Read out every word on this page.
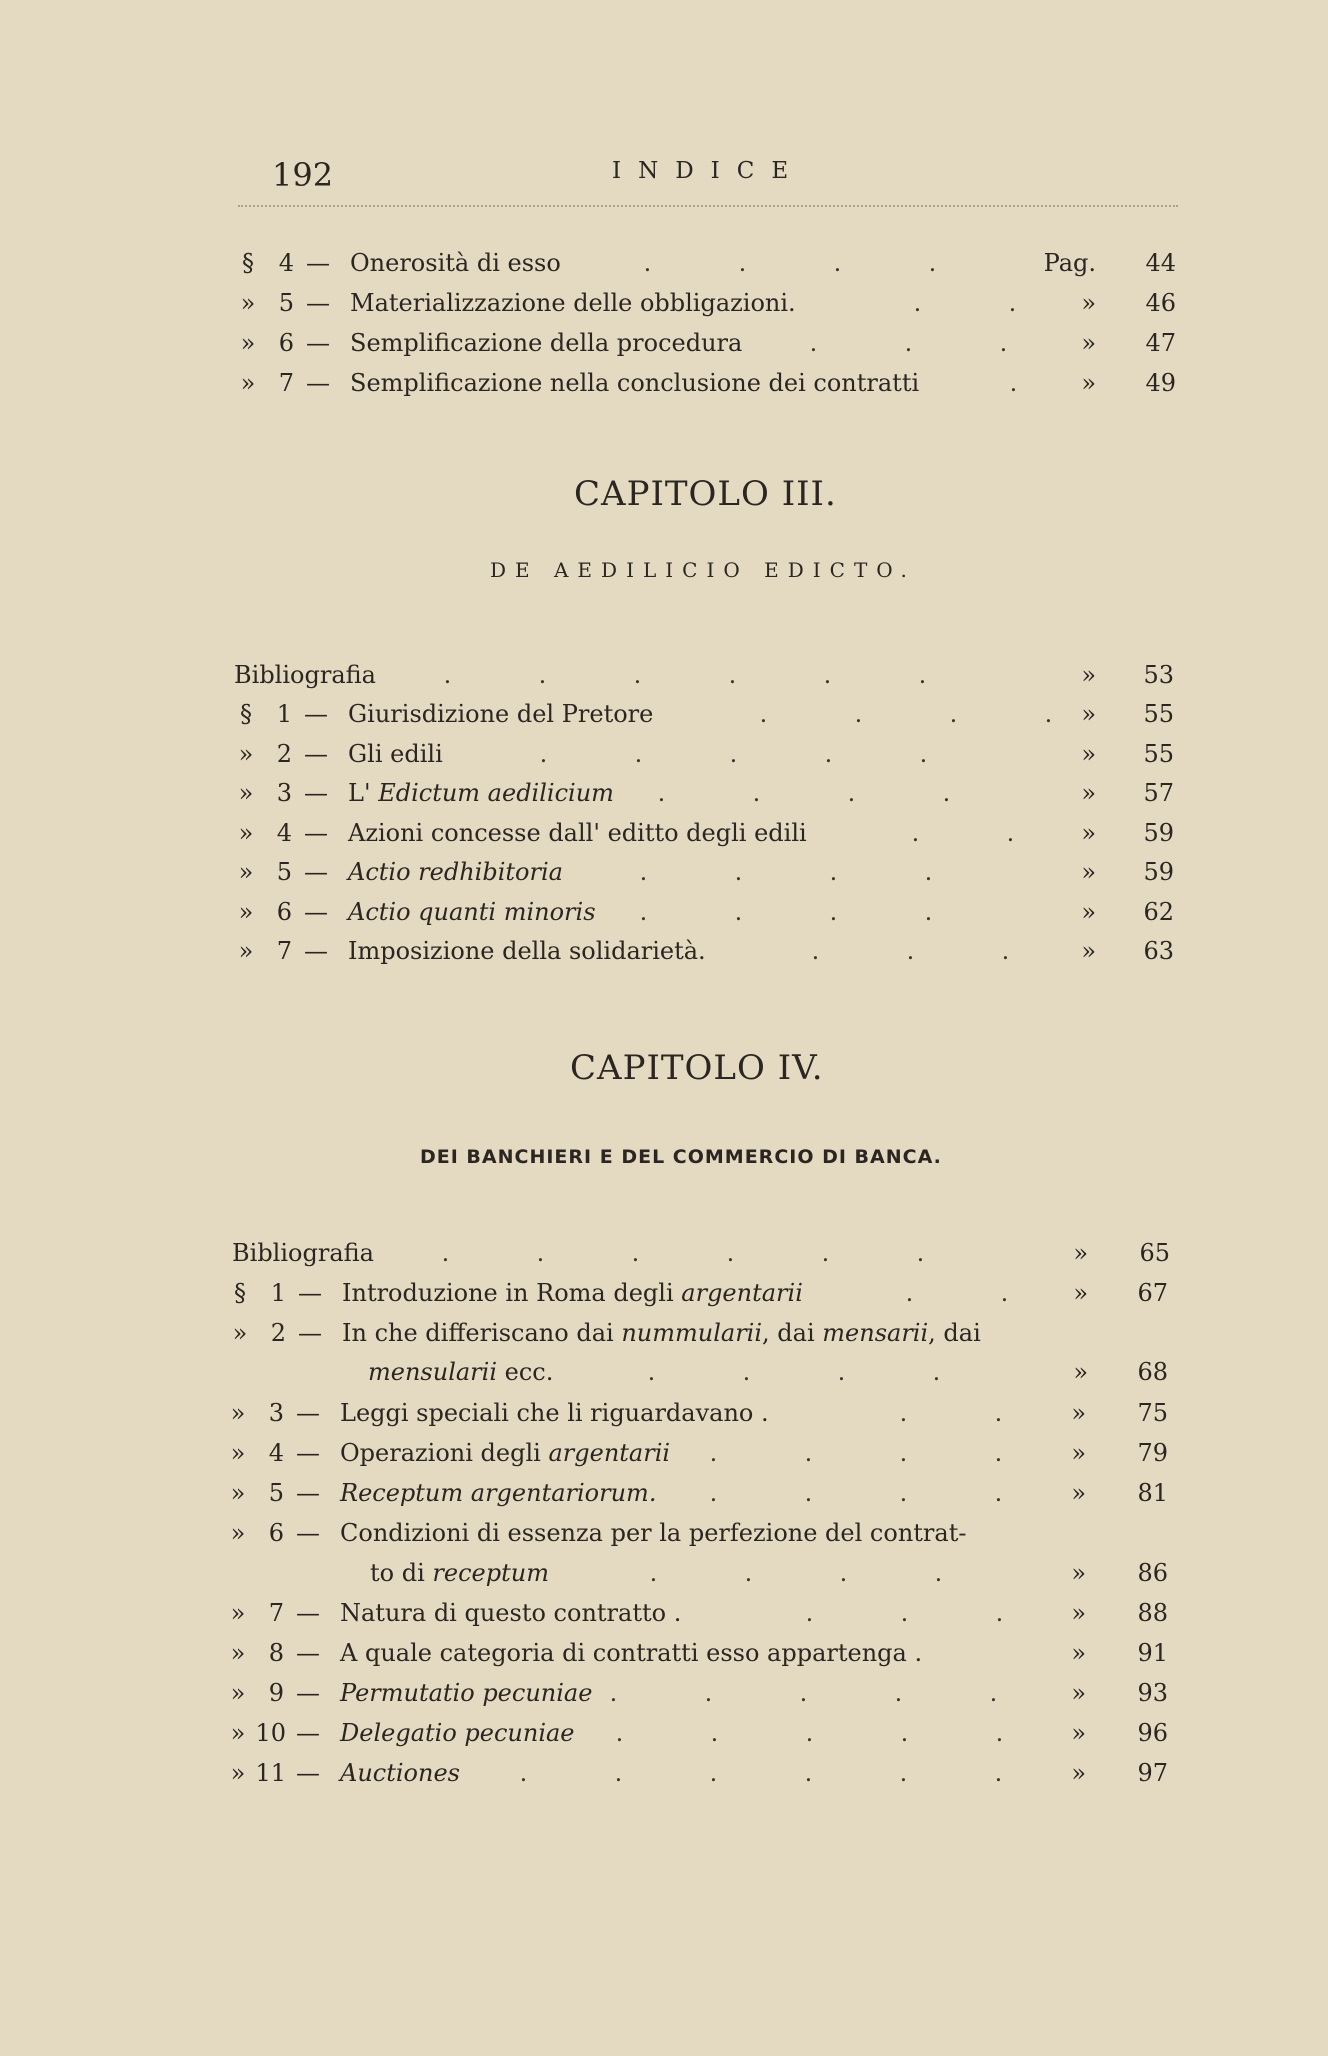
192	INDICE
§	4 — Onerosità di esso	.	.	.	.	Pag.	44
» 5 — Materializzazione delle obbligazioni.	.	.	»	46
» 6 — Semplificazione della procedura	.	.	.	»	47
» 7 — Semplificazione nella conclusione dei contratti	.	»	49
CAPITOLO III.
DE AEDILICIO EDICTO.
Bibliografia	.	.	.	.	.	.	»	53
§	1 — Giurisdizione del Pretore	.	.	.	.	»	55
» 2 — Gli edili	.	.	.	.	.	»	55
» 3 — L' Edictum aedilicium	.	.	.	.	»	57
» 4 — Azioni concesse dall' editto degli edili	.	.	»	59
» 5 — Actio redhibitoria	.	.	.	.	»	59
» 6 — Actio quanti minoris	.	.	.	.	»	62
» 7 — Imposizione della solidarietà.	.	.	.	»	63
CAPITOLO IV.
DEI BANCHIERI E DEL COMMERCIO DI BANCA.
Bibliografia	.	.	.	.	.	.	»	65
§	1 — Introduzione in Roma degli argentarii	.	.	»	67
» 2 — In che differiscano dai nummularii, dai mensarii, dai
mensularii ecc.	.	.	.	.	»	68
» 3 — Leggi speciali che li riguardavano .	.	.	»	75
» 4 — Operazioni degli argentarii	.	.	.	.	»	79
» 5 — Receptum argentariorum.	.	.	.	.	»	81
» 6 — Condizioni di essenza per la perfezione del contrat-
to di receptum	.	.	.	.	»	86
» 7 — Natura di questo contratto .	.	.	.	»	88
» 8 — A quale categoria di contratti esso appartenga .	»	91
» 9 — Permutatio pecuniae .	.	.	.	.	»	93
» 10 — Delegatio pecuniae	.	.	.	.	.	»	96
» 11 — Auctiones	.	.	.	.	.	.	»	97
